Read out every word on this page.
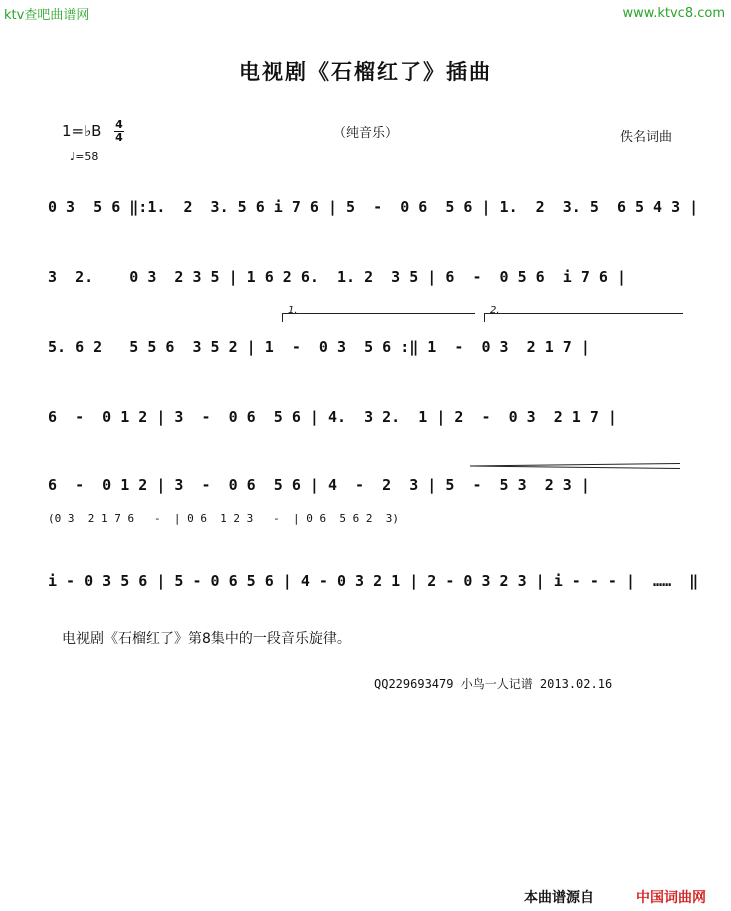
ktv查吧曲谱网	www.ktvc8.com
电视剧《石榴红了》插曲
1=♭B 4
4
♩=58
（纯音乐）	佚名词曲
0 3  5 6 ‖:1.  2  3. 5 6 i 7 6 | 5  -  0 6  5 6 | 1.  2  3. 5  6 5 4 3 |
3  2.    0 3  2 3 5 | 1 6 2 6.  1. 2  3 5 | 6  -  0 5 6  i 7 6 |
1.	2.
5. 6 2   5 5 6  3 5 2 | 1  -  0 3  5 6 :‖ 1  -  0 3  2 1 7 |
6  -  0 1 2 | 3  -  0 6  5 6 | 4.  3 2.  1 | 2  -  0 3  2 1 7 |
6  -  0 1 2 | 3  -  0 6  5 6 | 4  -  2  3 | 5  -  5 3  2 3 |
(0 3  2 1 7 6   -  | 0 6  1 2 3   -  | 0 6  5 6 2  3)
i - 0 3 5 6 | 5 - 0 6 5 6 | 4 - 0 3 2 1 | 2 - 0 3 2 3 | i - - - |  ……  ‖
电视剧《石榴红了》第8集中的一段音乐旋律。
QQ229693479 小鸟一人记谱 2013.02.16
本曲谱源自	中国词曲网
